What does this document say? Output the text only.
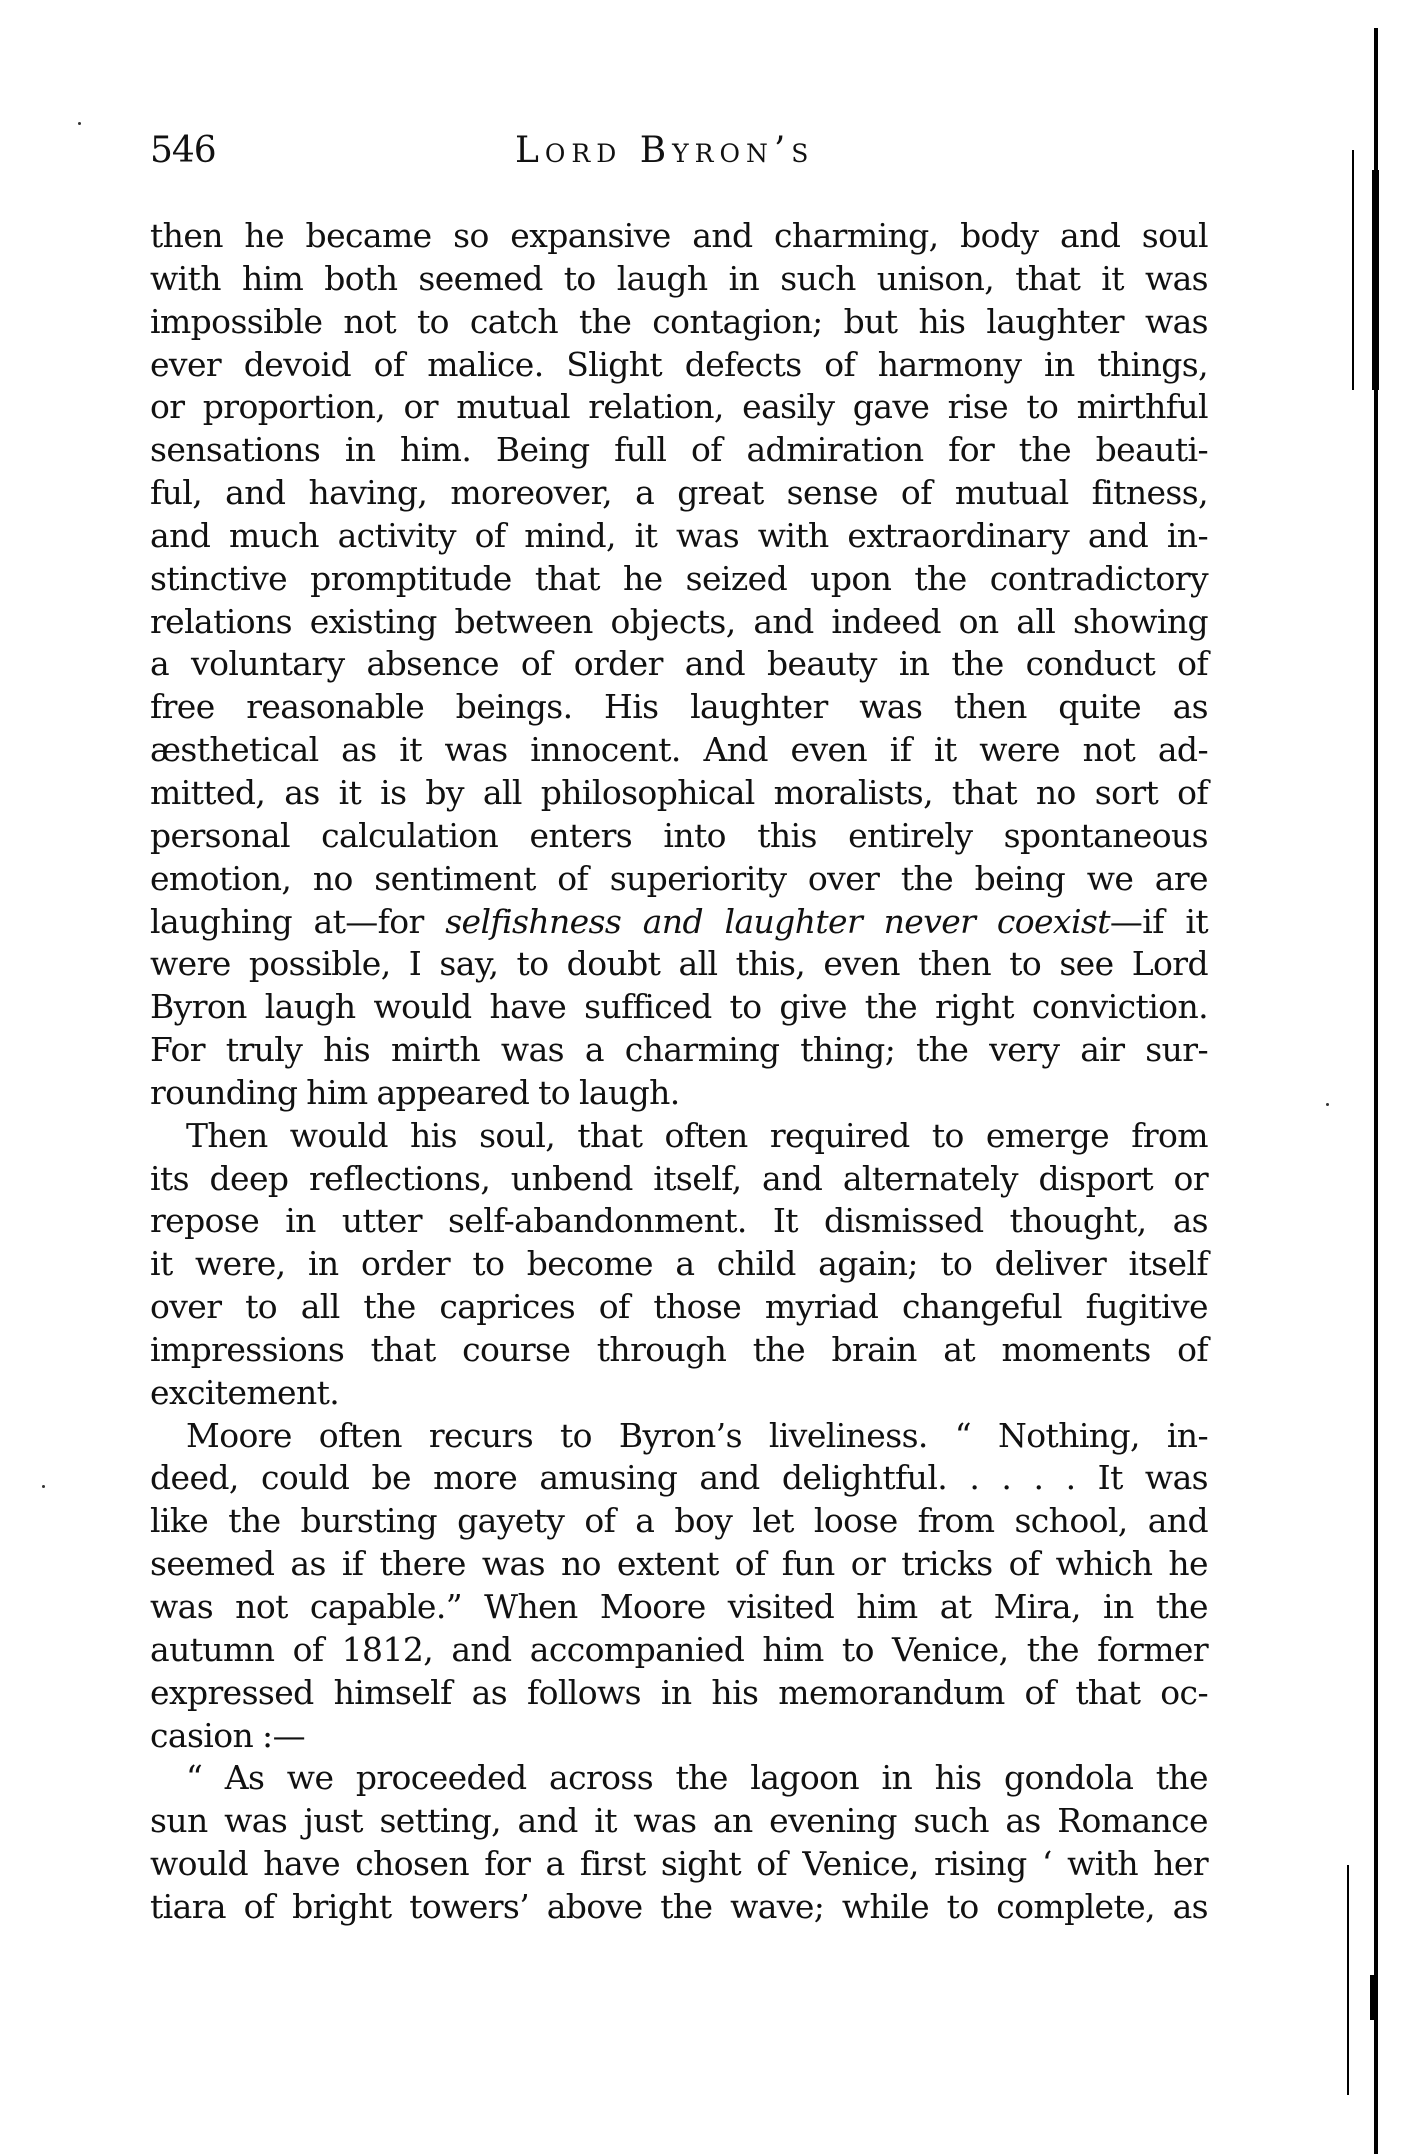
546	Lord Byron’s
then he became so expansive and charming, body and soul
with him both seemed to laugh in such unison, that it was
impossible not to catch the contagion; but his laughter was
ever devoid of malice. Slight defects of harmony in things,
or proportion, or mutual relation, easily gave rise to mirthful
sensations in him. Being full of admiration for the beauti-
ful, and having, moreover, a great sense of mutual fitness,
and much activity of mind, it was with extraordinary and in-
stinctive promptitude that he seized upon the contradictory
relations existing between objects, and indeed on all showing
a voluntary absence of order and beauty in the conduct of
free reasonable beings. His laughter was then quite as
æsthetical as it was innocent. And even if it were not ad-
mitted, as it is by all philosophical moralists, that no sort of
personal calculation enters into this entirely spontaneous
emotion, no sentiment of superiority over the being we are
laughing at—for selfishness and laughter never coexist—if it
were possible, I say, to doubt all this, even then to see Lord
Byron laugh would have sufficed to give the right conviction.
For truly his mirth was a charming thing; the very air sur-
rounding him appeared to laugh.
Then would his soul, that often required to emerge from
its deep reflections, unbend itself, and alternately disport or
repose in utter self-abandonment. It dismissed thought, as
it were, in order to become a child again; to deliver itself
over to all the caprices of those myriad changeful fugitive
impressions that course through the brain at moments of
excitement.
Moore often recurs to Byron’s liveliness. “ Nothing, in-
deed, could be more amusing and delightful. . . . . It was
like the bursting gayety of a boy let loose from school, and
seemed as if there was no extent of fun or tricks of which he
was not capable.” When Moore visited him at Mira, in the
autumn of 1812, and accompanied him to Venice, the former
expressed himself as follows in his memorandum of that oc-
casion :—
“ As we proceeded across the lagoon in his gondola the
sun was just setting, and it was an evening such as Romance
would have chosen for a first sight of Venice, rising ‘ with her
tiara of bright towers’ above the wave; while to complete, as
